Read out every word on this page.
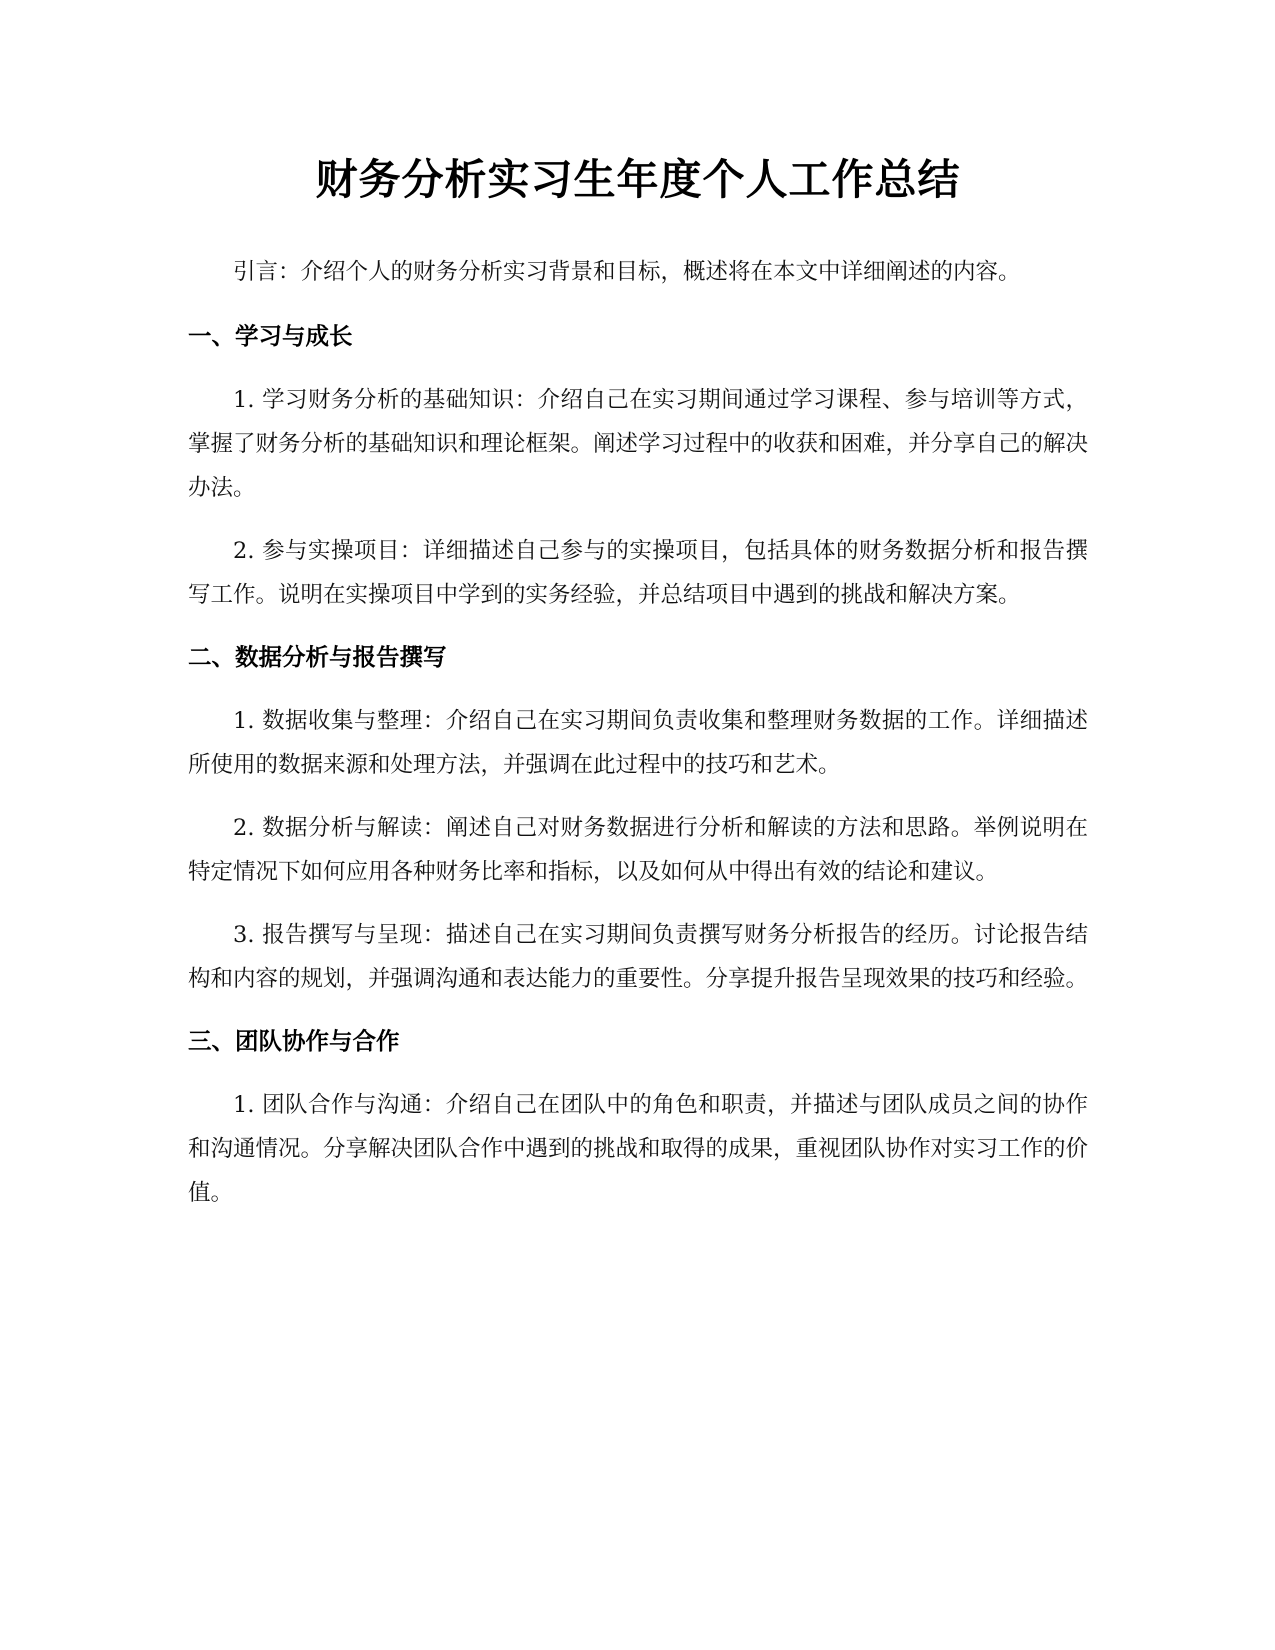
财务分析实习生年度个人工作总结

引言：介绍个人的财务分析实习背景和目标，概述将在本文中详细阐述的内容。

一、学习与成长

1. 学习财务分析的基础知识：介绍自己在实习期间通过学习课程、参与培训等方式，掌握了财务分析的基础知识和理论框架。阐述学习过程中的收获和困难，并分享自己的解决办法。

2. 参与实操项目：详细描述自己参与的实操项目，包括具体的财务数据分析和报告撰写工作。说明在实操项目中学到的实务经验，并总结项目中遇到的挑战和解决方案。

二、数据分析与报告撰写

1. 数据收集与整理：介绍自己在实习期间负责收集和整理财务数据的工作。详细描述所使用的数据来源和处理方法，并强调在此过程中的技巧和艺术。

2. 数据分析与解读：阐述自己对财务数据进行分析和解读的方法和思路。举例说明在特定情况下如何应用各种财务比率和指标，以及如何从中得出有效的结论和建议。

3. 报告撰写与呈现：描述自己在实习期间负责撰写财务分析报告的经历。讨论报告结构和内容的规划，并强调沟通和表达能力的重要性。分享提升报告呈现效果的技巧和经验。

三、团队协作与合作

1. 团队合作与沟通：介绍自己在团队中的角色和职责，并描述与团队成员之间的协作和沟通情况。分享解决团队合作中遇到的挑战和取得的成果，重视团队协作对实习工作的价值。
